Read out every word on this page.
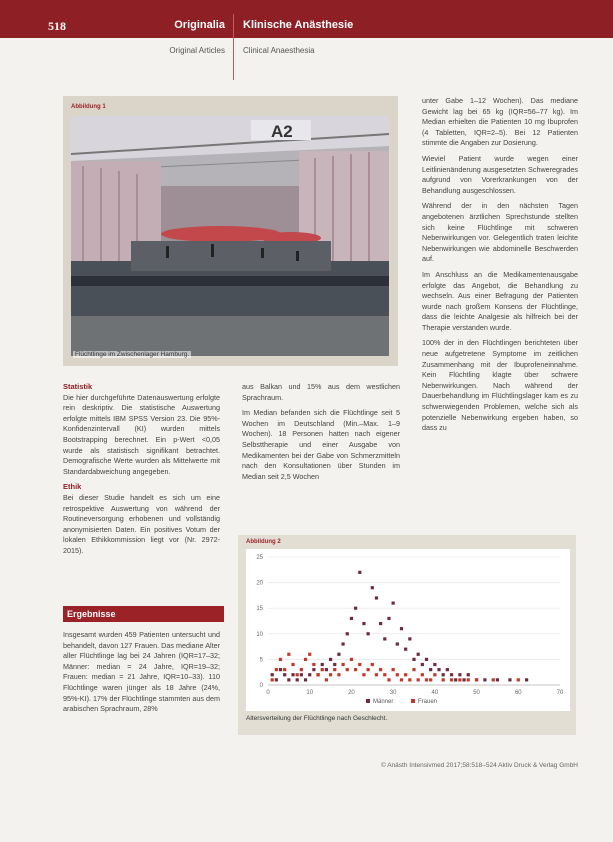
518	Originalia Klinische Anästhesie
Original Articles Clinical Anaesthesia
Abbildung 1
A2
Flüchtlinge im Zwischenlager Hamburg.
Statistik

Die hier durchgeführte Datenauswertung erfolgte rein deskriptiv. Die statistische Auswertung erfolgte mittels IBM SPSS Version 23. Die 95%-Konfidenzintervall (KI) wurden mittels Bootstrapping berechnet. Ein p-Wert <0,05 wurde als statistisch signifikant betrachtet. Demografische Werte wurden als Mittelwerte mit Standardabweichung angegeben.

Ethik

Bei dieser Studie handelt es sich um eine retrospektive Auswertung von während der Routineversorgung erhobenen und vollständig anonymisierten Daten. Ein positives Votum der lokalen Ethikkommission liegt vor (Nr. 2972-2015).

Ergebnisse

Insgesamt wurden 459 Patienten untersucht und behandelt, davon 127 Frauen. Das mediane Alter aller Flüchtlinge lag bei 24 Jahren (IQR=17–32; Männer: median = 24 Jahre, IQR=19–32; Frauen: median = 21 Jahre, IQR=10–33). 110 Flüchtlinge waren jünger als 18 Jahre (24%, 95%-KI). 17% der Flüchtlinge stammten aus dem arabischen Sprachraum, 28%

aus Balkan und 15% aus dem westlichen Sprachraum.

Im Median befanden sich die Flüchtlinge seit 5 Wochen im Deutschland (Min.–Max. 1–9 Wochen). 18 Personen hatten nach eigener Selbsttherapie und einer Ausgabe von Medikamenten bei der Gabe von Schmerzmitteln nach den Konsultationen über Stunden im Median seit 2,5 Wochen

unter Gabe 1–12 Wochen). Das mediane Gewicht lag bei 65 kg (IQR=56–77 kg). Im Median erhielten die Patienten 10 mg Ibuprofen (4 Tabletten, IQR=2–5). Bei 12 Patienten stimmte die Angaben zur Dosierung.

Wieviel Patient wurde wegen einer Leitlinienänderung ausgesetzten Schweregrades aufgrund von Vorerkrankungen von der Behandlung ausgeschlossen.

Während der in den nächsten Tagen angebotenen ärztlichen Sprechstunde stellten sich keine Flüchtlinge mit schweren Nebenwirkungen vor. Gelegentlich traten leichte Nebenwirkungen wie abdominelle Beschwerden auf.

Im Anschluss an die Medikamentenausgabe erfolgte das Angebot, die Behandlung zu wechseln. Aus einer Befragung der Patienten wurde nach großem Konsens der Flüchtlinge, dass die leichte Analgesie als hilfreich bei der Therapie verstanden wurde.

100% der in den Flüchtlingen berichteten über neue aufgetretene Symptome im zeitlichen Zusammenhang mit der Ibuprofeneinnahme. Kein Flüchtling klagte über schwere Nebenwirkungen. Nach während der Dauerbehandlung im Flüchtlingslager kam es zu schwerwiegenden Problemen, welche sich als potenzielle Nebenwirkung ergeben haben, so dass zu

Abbildung 2
0
5
10
15
20
25
0	10	20	30	40	50	60	70
Männer	Frauen
Altersverteilung der Flüchtlinge nach Geschlecht.
© Anästh Intensivmed 2017;58:518–524 Aktiv Druck & Verlag GmbH
